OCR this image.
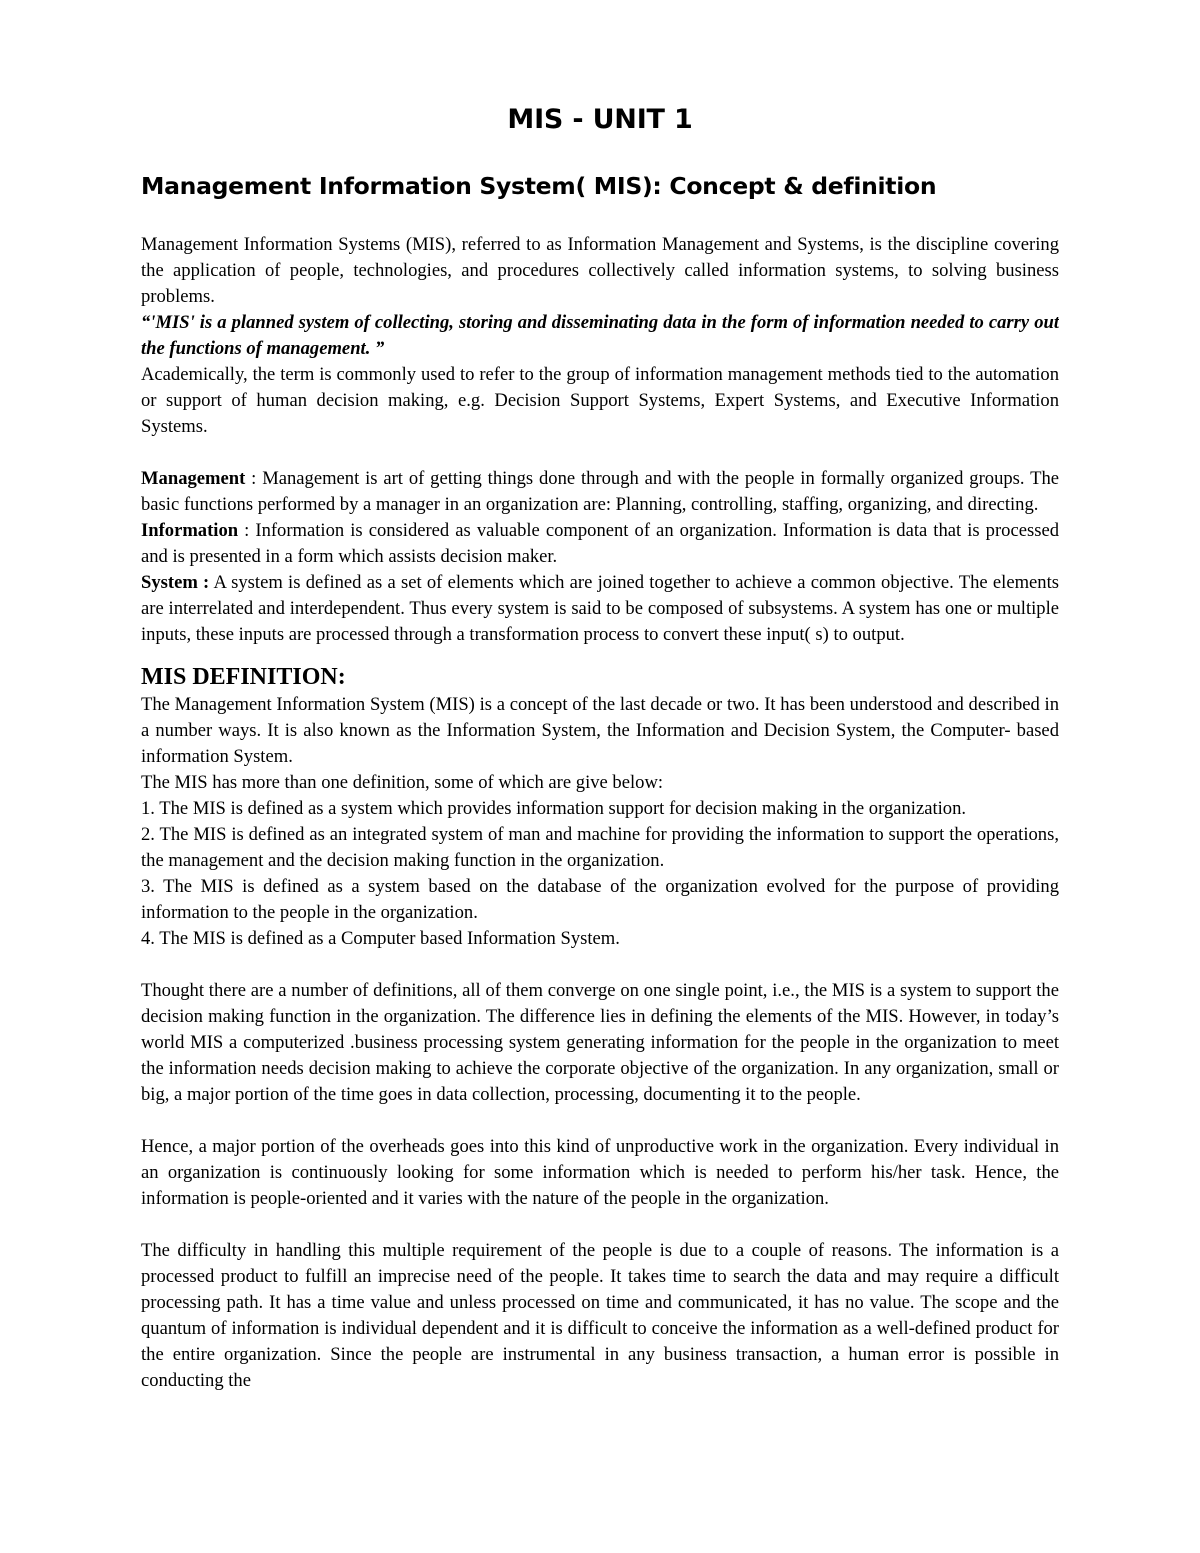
MIS - UNIT 1
Management Information System( MIS): Concept & definition

Management Information Systems (MIS), referred to as Information Management and Systems, is the discipline covering the application of people, technologies, and procedures collectively called information systems, to solving business problems.

“'MIS' is a planned system of collecting, storing and disseminating data in the form of information needed to carry out the functions of management. ”

Academically, the term is commonly used to refer to the group of information management methods tied to the automation or support of human decision making, e.g. Decision Support Systems, Expert Systems, and Executive Information Systems.

Management : Management is art of getting things done through and with the people in formally organized groups. The basic functions performed by a manager in an organization are: Planning, controlling, staffing, organizing, and directing.

Information : Information is considered as valuable component of an organization. Information is data that is processed and is presented in a form which assists decision maker.

System : A system is defined as a set of elements which are joined together to achieve a common objective. The elements are interrelated and interdependent. Thus every system is said to be composed of subsystems. A system has one or multiple inputs, these inputs are processed through a transformation process to convert these input( s) to output.

MIS DEFINITION:

The Management Information System (MIS) is a concept of the last decade or two. It has been understood and described in a number ways. It is also known as the Information System, the Information and Decision System, the Computer- based information System.

The MIS has more than one definition, some of which are give below:

1. The MIS is defined as a system which provides information support for decision making in the organization.

2. The MIS is defined as an integrated system of man and machine for providing the information to support the operations, the management and the decision making function in the organization.

3. The MIS is defined as a system based on the database of the organization evolved for the purpose of providing information to the people in the organization.

4. The MIS is defined as a Computer based Information System.

Thought there are a number of definitions, all of them converge on one single point, i.e., the MIS is a system to support the decision making function in the organization. The difference lies in defining the elements of the MIS. However, in today’s world MIS a computerized .business processing system generating information for the people in the organization to meet the information needs decision making to achieve the corporate objective of the organization. In any organization, small or big, a major portion of the time goes in data collection, processing, documenting it to the people.

Hence, a major portion of the overheads goes into this kind of unproductive work in the organization. Every individual in an organization is continuously looking for some information which is needed to perform his/her task. Hence, the information is people-oriented and it varies with the nature of the people in the organization.

The difficulty in handling this multiple requirement of the people is due to a couple of reasons. The information is a processed product to fulfill an imprecise need of the people. It takes time to search the data and may require a difficult processing path. It has a time value and unless processed on time and communicated, it has no value. The scope and the quantum of information is individual dependent and it is difficult to conceive the information as a well-defined product for the entire organization. Since the people are instrumental in any business transaction, a human error is possible in conducting the
